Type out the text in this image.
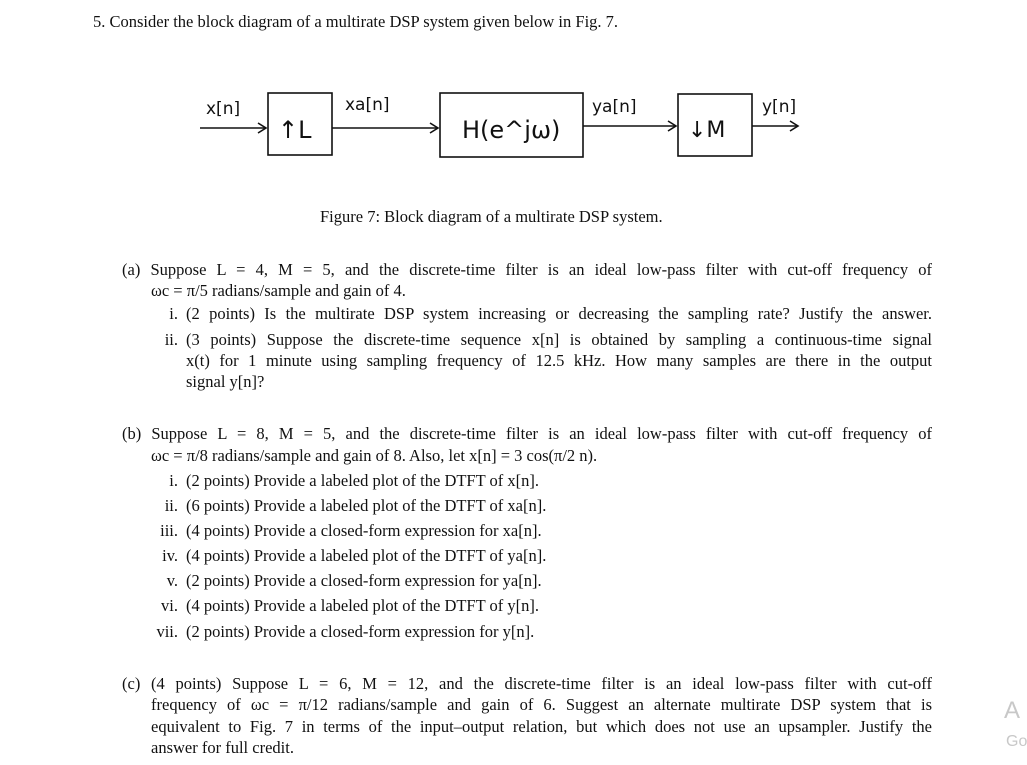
5. Consider the block diagram of a multirate DSP system given below in Fig. 7.
x[n]
↑L
xa[n]
H(e^jω)
ya[n]
↓M
y[n]
Figure 7: Block diagram of a multirate DSP system.
(a) Suppose L = 4, M = 5, and the discrete-time filter is an ideal low-pass filter with cut-off frequency of
ωc = π/5 radians/sample and gain of 4.
i. (2 points) Is the multirate DSP system increasing or decreasing the sampling rate? Justify the answer.
ii. (3 points) Suppose the discrete-time sequence x[n] is obtained by sampling a continuous-time signal
x(t) for 1 minute using sampling frequency of 12.5 kHz. How many samples are there in the output
signal y[n]?
(b) Suppose L = 8, M = 5, and the discrete-time filter is an ideal low-pass filter with cut-off frequency of
ωc = π/8 radians/sample and gain of 8. Also, let x[n] = 3 cos(π/2 n).
i. (2 points) Provide a labeled plot of the DTFT of x[n].
ii. (6 points) Provide a labeled plot of the DTFT of xa[n].
iii. (4 points) Provide a closed-form expression for xa[n].
iv. (4 points) Provide a labeled plot of the DTFT of ya[n].
v. (2 points) Provide a closed-form expression for ya[n].
vi. (4 points) Provide a labeled plot of the DTFT of y[n].
vii. (2 points) Provide a closed-form expression for y[n].
(c) (4 points) Suppose L = 6, M = 12, and the discrete-time filter is an ideal low-pass filter with cut-off
frequency of ωc = π/12 radians/sample and gain of 6. Suggest an alternate multirate DSP system that is
equivalent to Fig. 7 in terms of the input–output relation, but which does not use an upsampler. Justify the
answer for full credit.
A
Go
